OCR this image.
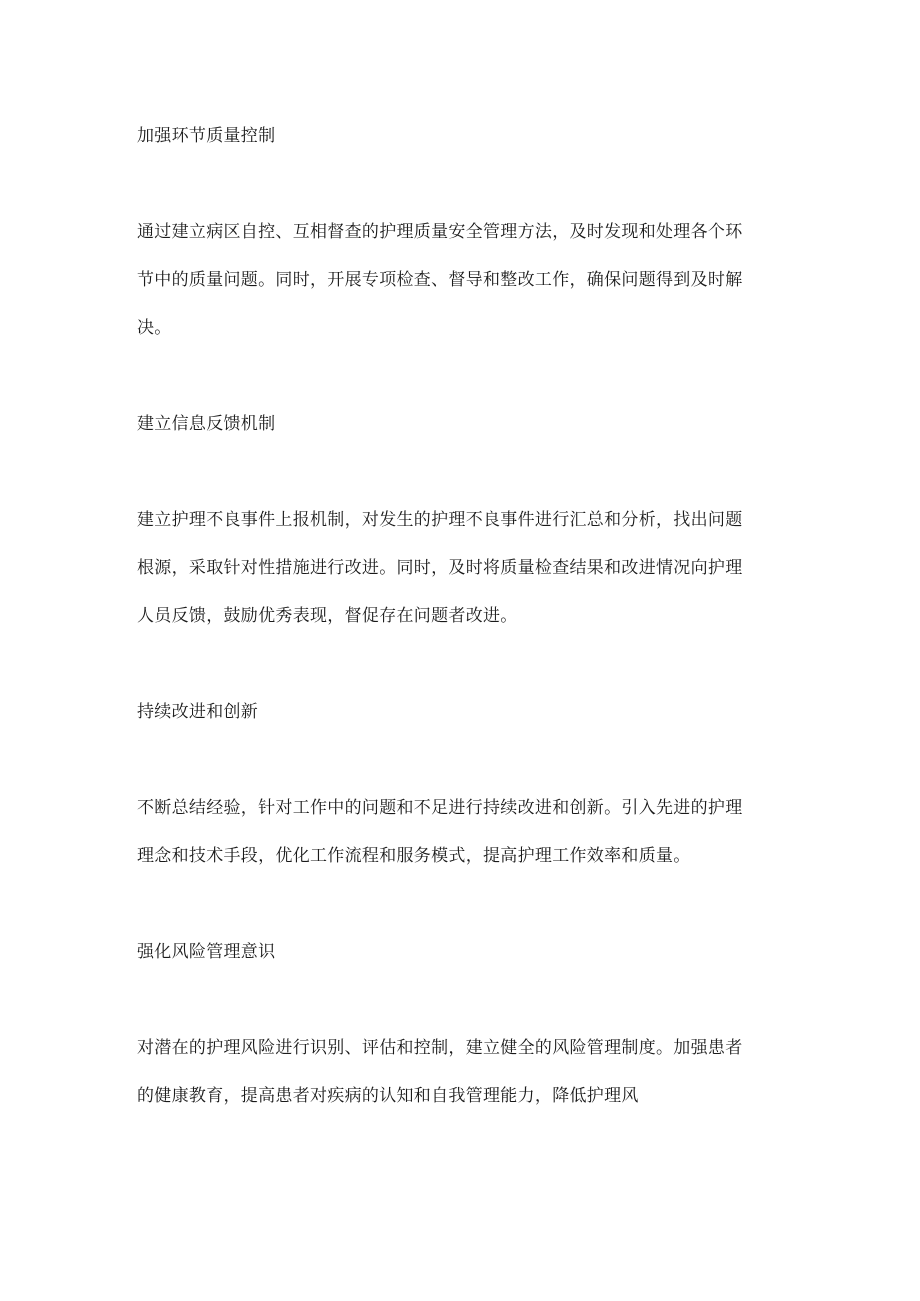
加强环节质量控制
通过建立病区自控、互相督查的护理质量安全管理方法，及时发现和处理各个环
节中的质量问题。同时，开展专项检查、督导和整改工作，确保问题得到及时解
决。
建立信息反馈机制
建立护理不良事件上报机制，对发生的护理不良事件进行汇总和分析，找出问题
根源，采取针对性措施进行改进。同时，及时将质量检查结果和改进情况向护理
人员反馈，鼓励优秀表现，督促存在问题者改进。
持续改进和创新
不断总结经验，针对工作中的问题和不足进行持续改进和创新。引入先进的护理
理念和技术手段，优化工作流程和服务模式，提高护理工作效率和质量。
强化风险管理意识
对潜在的护理风险进行识别、评估和控制，建立健全的风险管理制度。加强患者
的健康教育，提高患者对疾病的认知和自我管理能力，降低护理风
